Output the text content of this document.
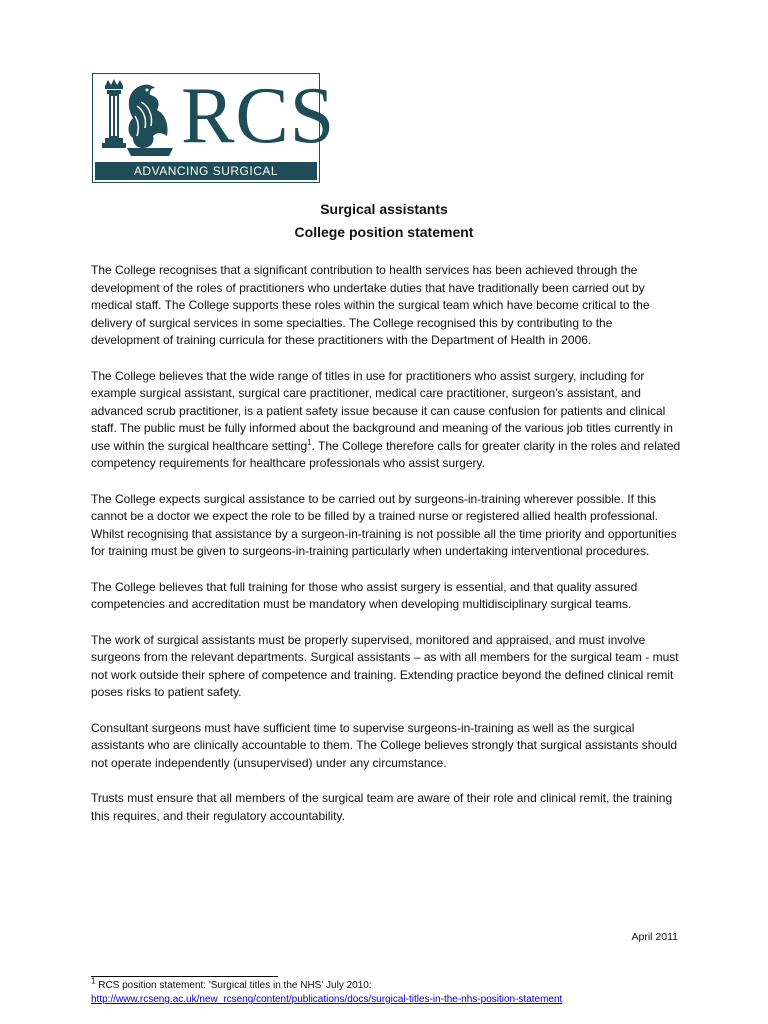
RCS
ADVANCING SURGICAL STANDARDS
Surgical assistants
College position statement

The College recognises that a significant contribution to health services has been achieved through the development of the roles of practitioners who undertake duties that have traditionally been carried out by medical staff. The College supports these roles within the surgical team which have become critical to the delivery of surgical services in some specialties. The College recognised this by contributing to the development of training curricula for these practitioners with the Department of Health in 2006.

The College believes that the wide range of titles in use for practitioners who assist surgery, including for example surgical assistant, surgical care practitioner, medical care practitioner, surgeon's assistant, and advanced scrub practitioner, is a patient safety issue because it can cause confusion for patients and clinical staff. The public must be fully informed about the background and meaning of the various job titles currently in use within the surgical healthcare setting$^1$. The College therefore calls for greater clarity in the roles and related competency requirements for healthcare professionals who assist surgery.

The College expects surgical assistance to be carried out by surgeons-in-training wherever possible. If this cannot be a doctor we expect the role to be filled by a trained nurse or registered allied health professional. Whilst recognising that assistance by a surgeon-in-training is not possible all the time priority and opportunities for training must be given to surgeons-in-training particularly when undertaking interventional procedures.

The College believes that full training for those who assist surgery is essential, and that quality assured competencies and accreditation must be mandatory when developing multidisciplinary surgical teams.

The work of surgical assistants must be properly supervised, monitored and appraised, and must involve surgeons from the relevant departments. Surgical assistants – as with all members for the surgical team - must not work outside their sphere of competence and training. Extending practice beyond the defined clinical remit poses risks to patient safety.

Consultant surgeons must have sufficient time to supervise surgeons-in-training as well as the surgical assistants who are clinically accountable to them. The College believes strongly that surgical assistants should not operate independently (unsupervised) under any circumstance.

Trusts must ensure that all members of the surgical team are aware of their role and clinical remit, the training this requires, and their regulatory accountability.

April 2011
$^1$ RCS position statement: 'Surgical titles in the NHS' July 2010:
http://www.rcseng.ac.uk/new_rcseng/content/publications/docs/surgical-titles-in-the-nhs-position-statement
